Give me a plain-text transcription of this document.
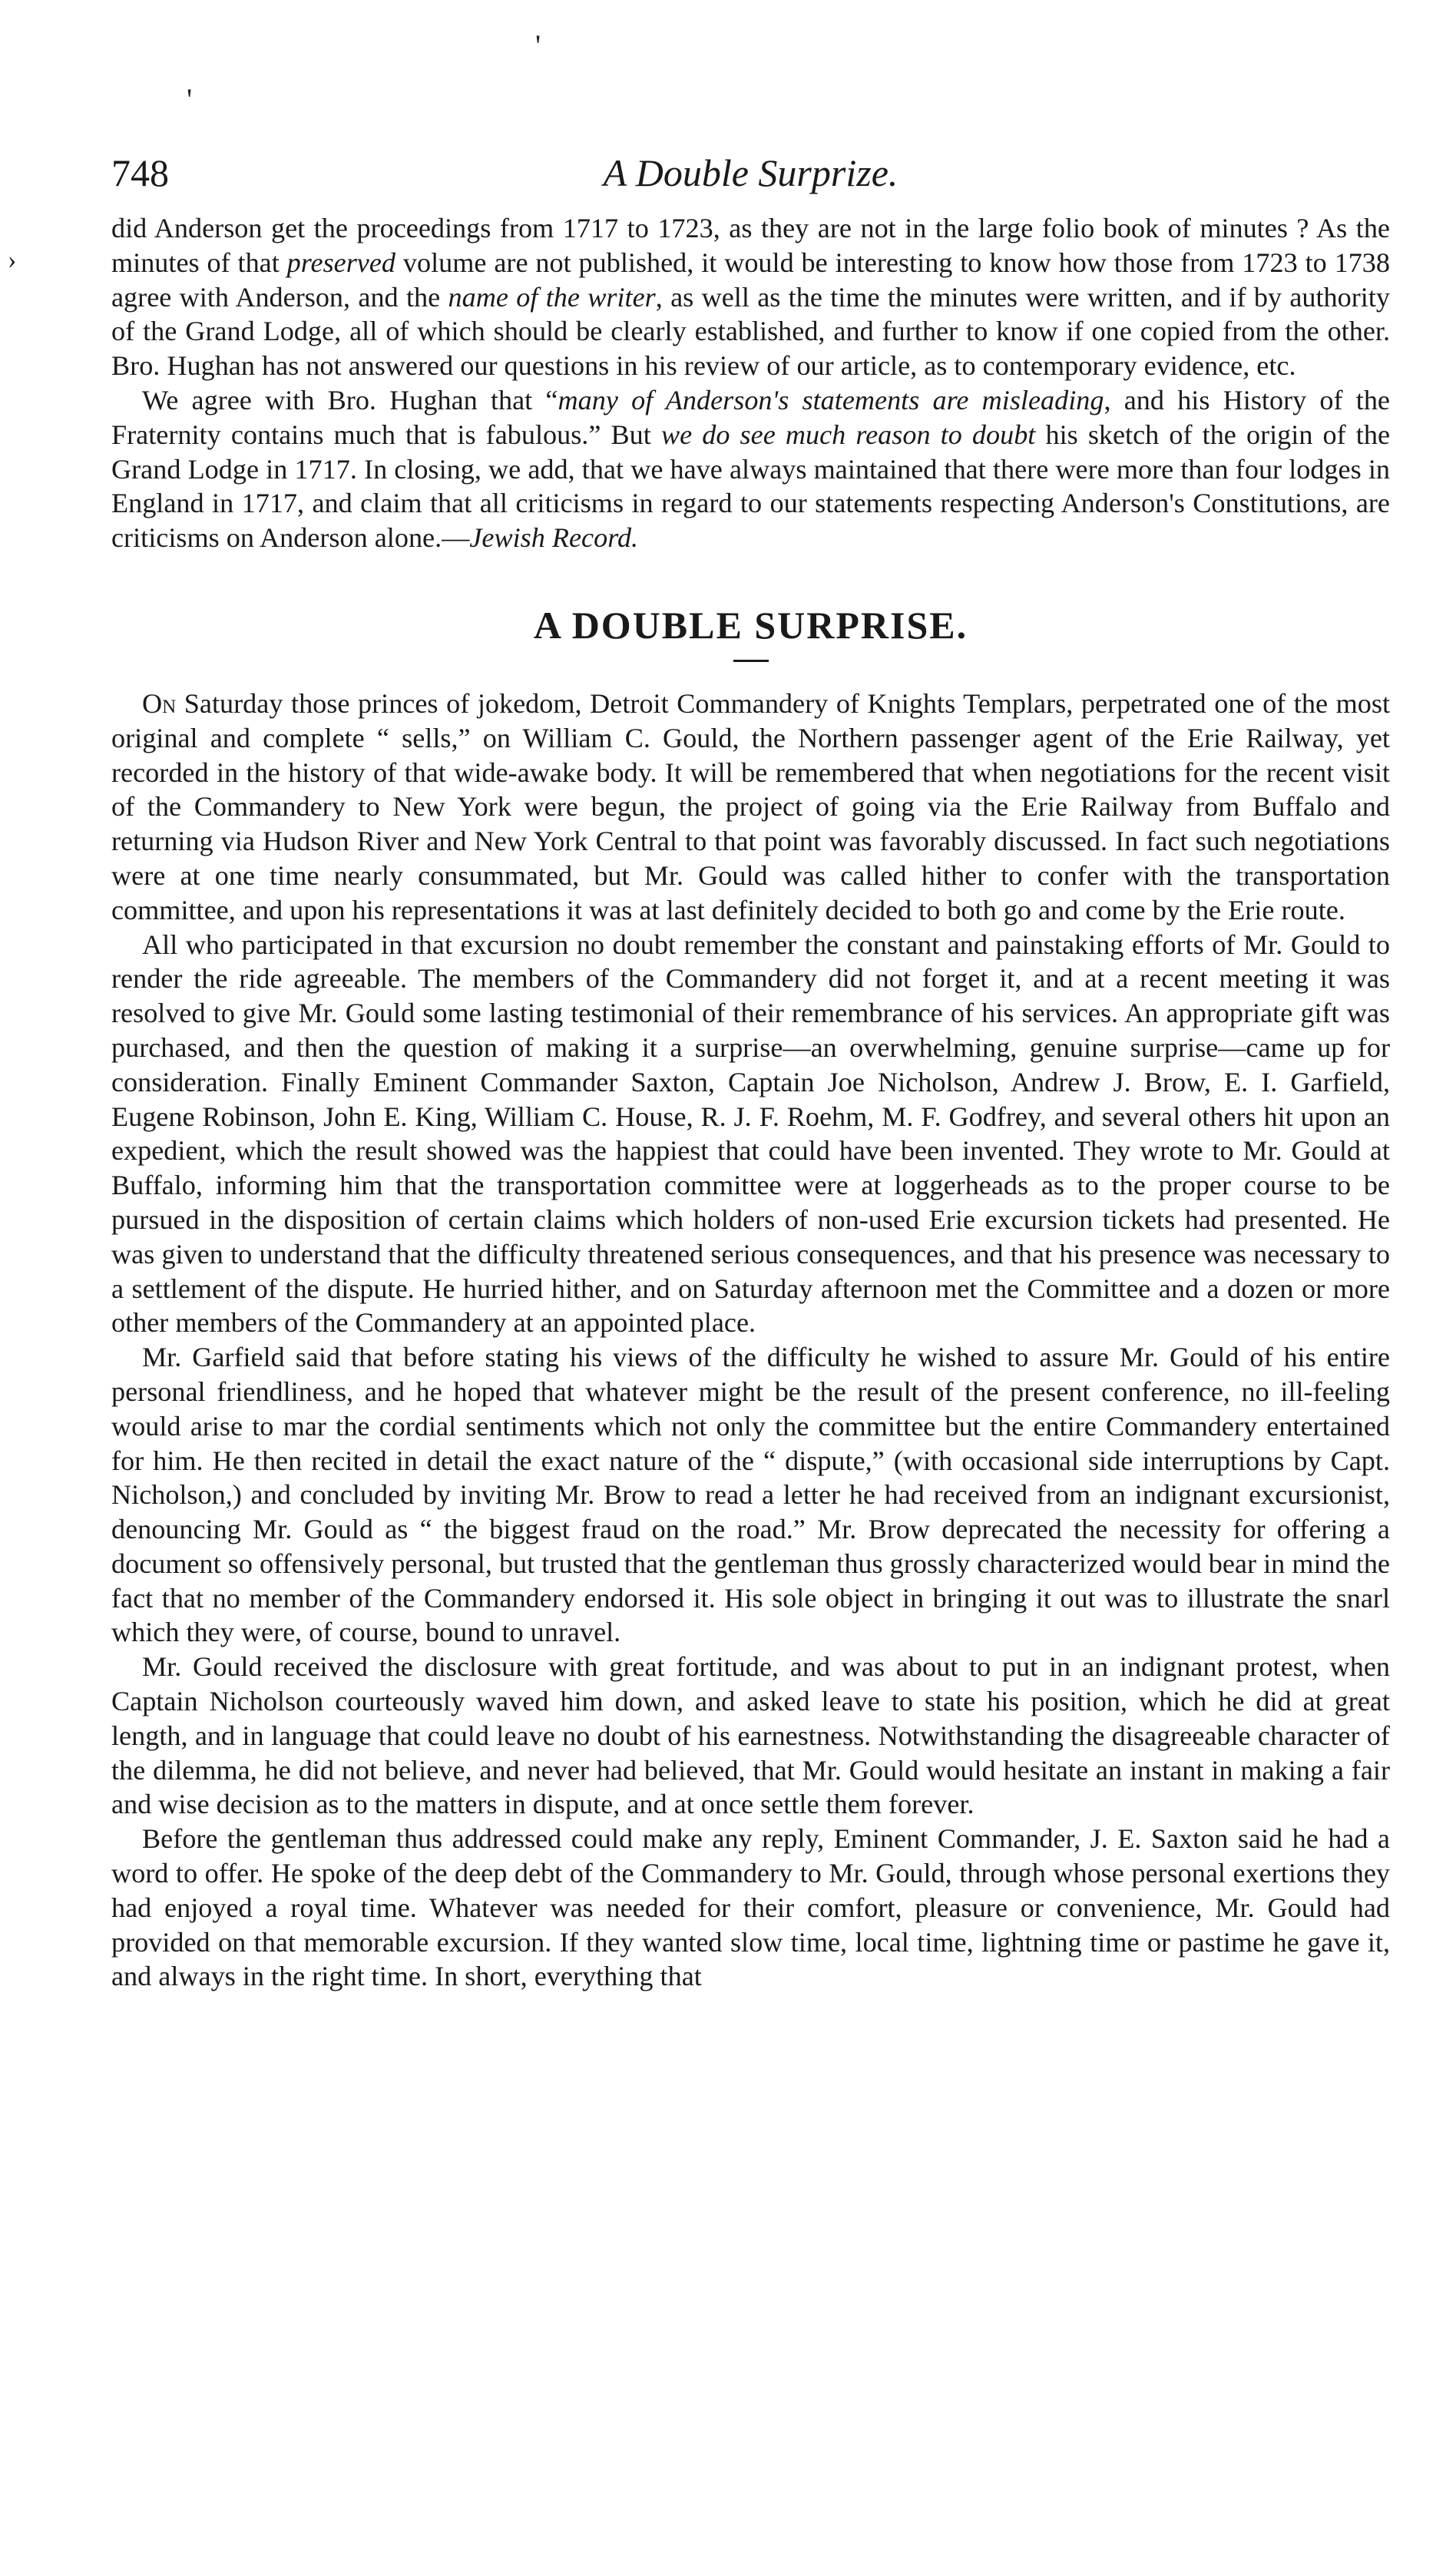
'
'
›
748	A Double Surprize.

did Anderson get the proceedings from 1717 to 1723, as they are not in the large folio book of minutes ? As the minutes of that preserved volume are not published, it would be interesting to know how those from 1723 to 1738 agree with Anderson, and the name of the writer, as well as the time the minutes were written, and if by authority of the Grand Lodge, all of which should be clearly established, and further to know if one copied from the other. Bro. Hughan has not answered our questions in his review of our article, as to contemporary evidence, etc.

We agree with Bro. Hughan that “many of Anderson's statements are misleading, and his History of the Fraternity contains much that is fabulous.” But we do see much reason to doubt his sketch of the origin of the Grand Lodge in 1717. In closing, we add, that we have always maintained that there were more than four lodges in England in 1717, and claim that all criticisms in regard to our statements respecting Anderson's Constitutions, are criticisms on Anderson alone.—Jewish Record.

A DOUBLE SURPRISE.

On Saturday those princes of jokedom, Detroit Commandery of Knights Templars, perpetrated one of the most original and complete “ sells,” on William C. Gould, the Northern passenger agent of the Erie Railway, yet recorded in the history of that wide-awake body. It will be remembered that when negotiations for the recent visit of the Commandery to New York were begun, the project of going via the Erie Railway from Buffalo and returning via Hudson River and New York Central to that point was favorably discussed. In fact such negotiations were at one time nearly consummated, but Mr. Gould was called hither to confer with the transportation committee, and upon his representations it was at last definitely decided to both go and come by the Erie route.

All who participated in that excursion no doubt remember the constant and painstaking efforts of Mr. Gould to render the ride agreeable. The members of the Commandery did not forget it, and at a recent meeting it was resolved to give Mr. Gould some lasting testimonial of their remembrance of his services. An appropriate gift was purchased, and then the question of making it a surprise—an overwhelming, genuine surprise—came up for consideration. Finally Eminent Commander Saxton, Captain Joe Nicholson, Andrew J. Brow, E. I. Garfield, Eugene Robinson, John E. King, William C. House, R. J. F. Roehm, M. F. Godfrey, and several others hit upon an expedient, which the result showed was the happiest that could have been invented. They wrote to Mr. Gould at Buffalo, informing him that the transportation committee were at loggerheads as to the proper course to be pursued in the disposition of certain claims which holders of non-used Erie excursion tickets had presented. He was given to understand that the difficulty threatened serious consequences, and that his presence was necessary to a settlement of the dispute. He hurried hither, and on Saturday afternoon met the Committee and a dozen or more other members of the Commandery at an appointed place.

Mr. Garfield said that before stating his views of the difficulty he wished to assure Mr. Gould of his entire personal friendliness, and he hoped that whatever might be the result of the present conference, no ill-feeling would arise to mar the cordial sentiments which not only the committee but the entire Commandery entertained for him. He then recited in detail the exact nature of the “ dispute,” (with occasional side interruptions by Capt. Nicholson,) and concluded by inviting Mr. Brow to read a letter he had received from an indignant excursionist, denouncing Mr. Gould as “ the biggest fraud on the road.” Mr. Brow deprecated the necessity for offering a document so offensively personal, but trusted that the gentleman thus grossly characterized would bear in mind the fact that no member of the Commandery endorsed it. His sole object in bringing it out was to illustrate the snarl which they were, of course, bound to unravel.

Mr. Gould received the disclosure with great fortitude, and was about to put in an indignant protest, when Captain Nicholson courteously waved him down, and asked leave to state his position, which he did at great length, and in language that could leave no doubt of his earnestness. Notwithstanding the disagreeable character of the dilemma, he did not believe, and never had believed, that Mr. Gould would hesitate an instant in making a fair and wise decision as to the matters in dispute, and at once settle them forever.

Before the gentleman thus addressed could make any reply, Eminent Commander, J. E. Saxton said he had a word to offer. He spoke of the deep debt of the Commandery to Mr. Gould, through whose personal exertions they had enjoyed a royal time. Whatever was needed for their comfort, pleasure or convenience, Mr. Gould had provided on that memorable excursion. If they wanted slow time, local time, lightning time or pastime he gave it, and always in the right time. In short, everything that
